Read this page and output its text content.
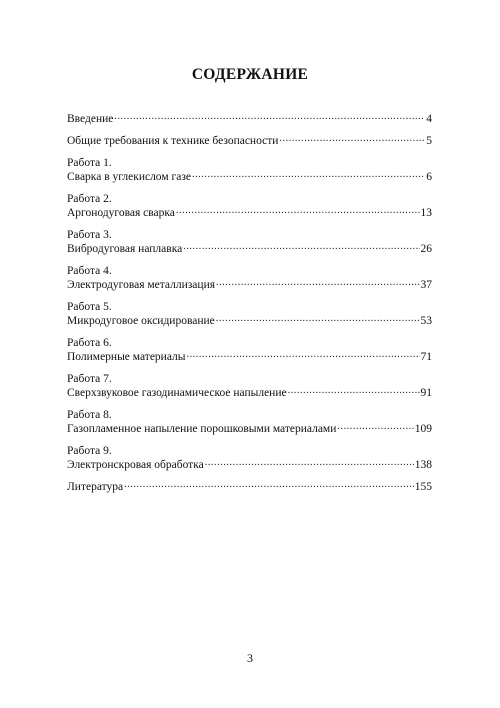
СОДЕРЖАНИЕ
Введение .....	4
Общие требования к технике безопасности .....	5
Работа 1.
Сварка в углекислом газе .....	6
Работа 2.
Аргонодуговая сварка .....	13
Работа 3.
Вибродуговая наплавка .....	26
Работа 4.
Электродуговая металлизация .....	37
Работа 5.
Микродуговое оксидирование .....	53
Работа 6.
Полимерные материалы .....	71
Работа 7.
Сверхзвуковое газодинамическое напыление .....	91
Работа 8.
Газопламенное напыление порошковыми материалами .....	109
Работа 9.
Электронскровая обработка .....	138
Литература .....	155
3
